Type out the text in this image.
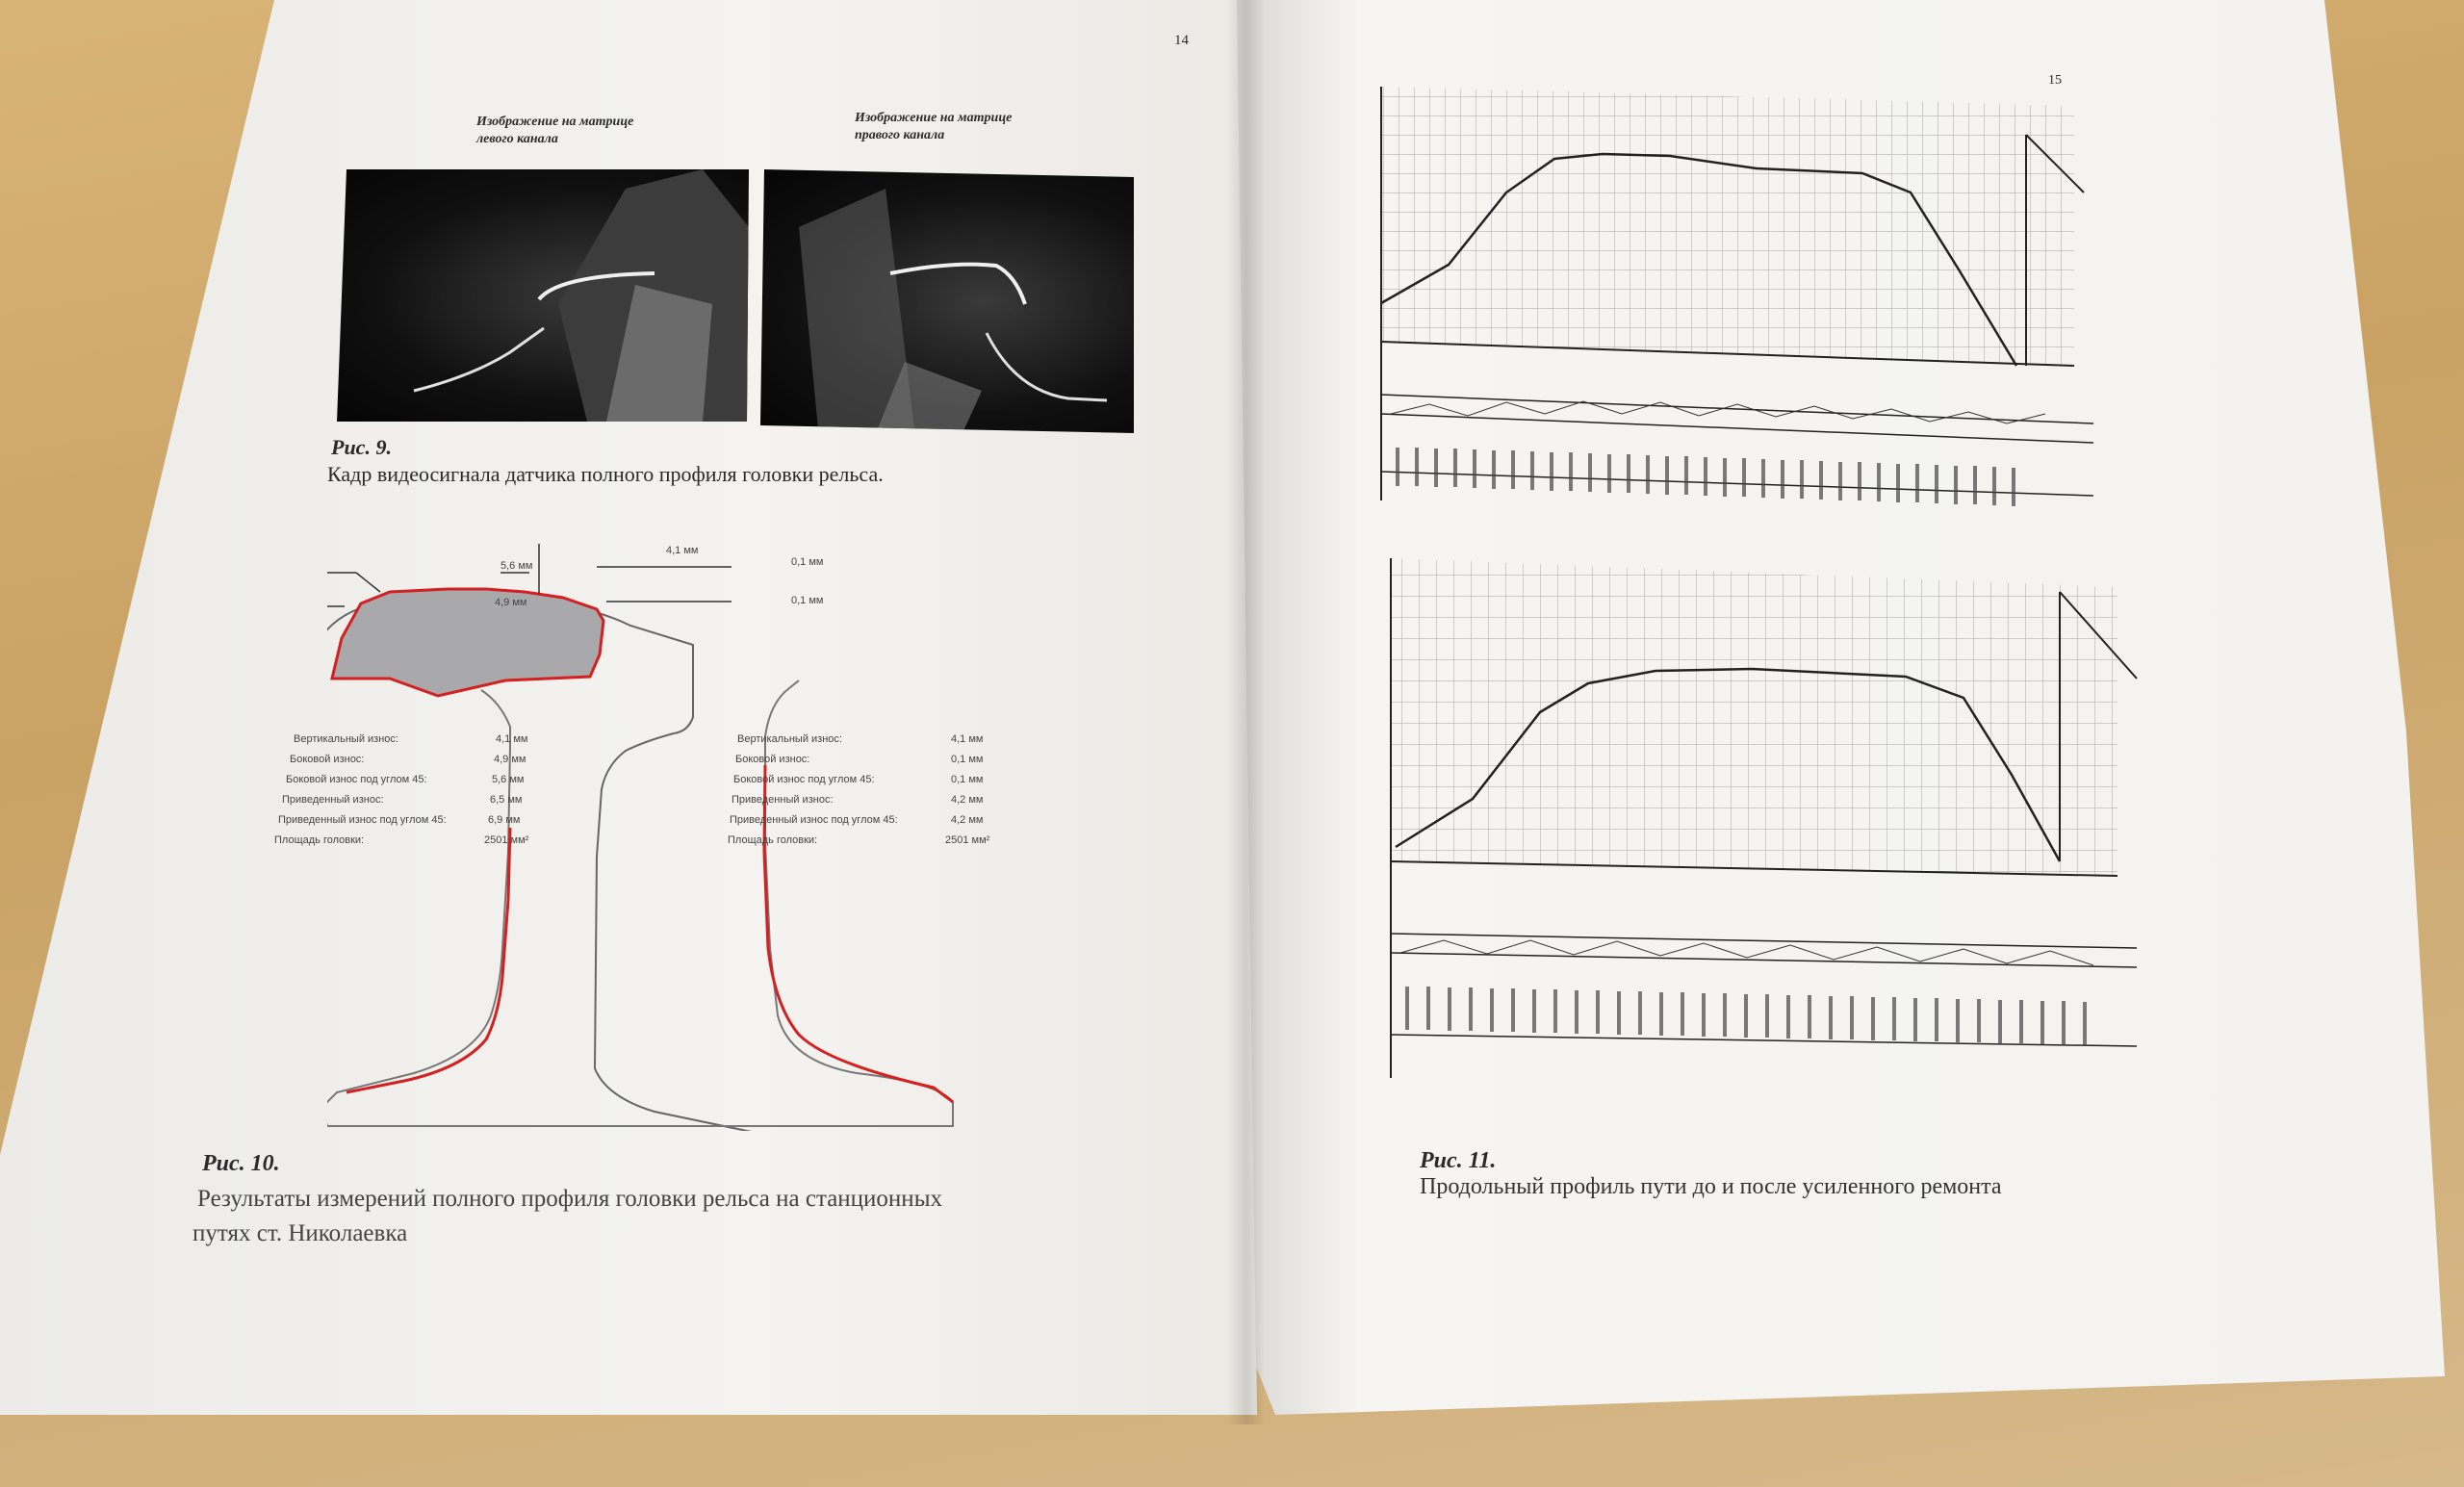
14
Изображение на матрице
левого канала
Изображение на матрице
правого канала
Рис. 9.
Кадр видеосигнала датчика полного профиля головки рельса.
4,1 мм
5,6 мм
4,9 мм
0,1 мм
0,1 мм
Вертикальный износ:	4,1 мм
Боковой износ:	4,9 мм
Боковой износ под углом 45:	5,6 мм
Приведенный износ:	6,5 мм
Приведенный износ под углом 45:	6,9 мм
Площадь головки:	2501 мм²
Вертикальный износ:	4,1 мм
Боковой износ:	0,1 мм
Боковой износ под углом 45:	0,1 мм
Приведенный износ:	4,2 мм
Приведенный износ под углом 45:	4,2 мм
Площадь головки:	2501 мм²
Рис. 10.
Результаты измерений полного профиля головки рельса на станционных
путях ст. Николаевка
15
Рис. 11.
Продольный профиль пути до и после усиленного ремонта
